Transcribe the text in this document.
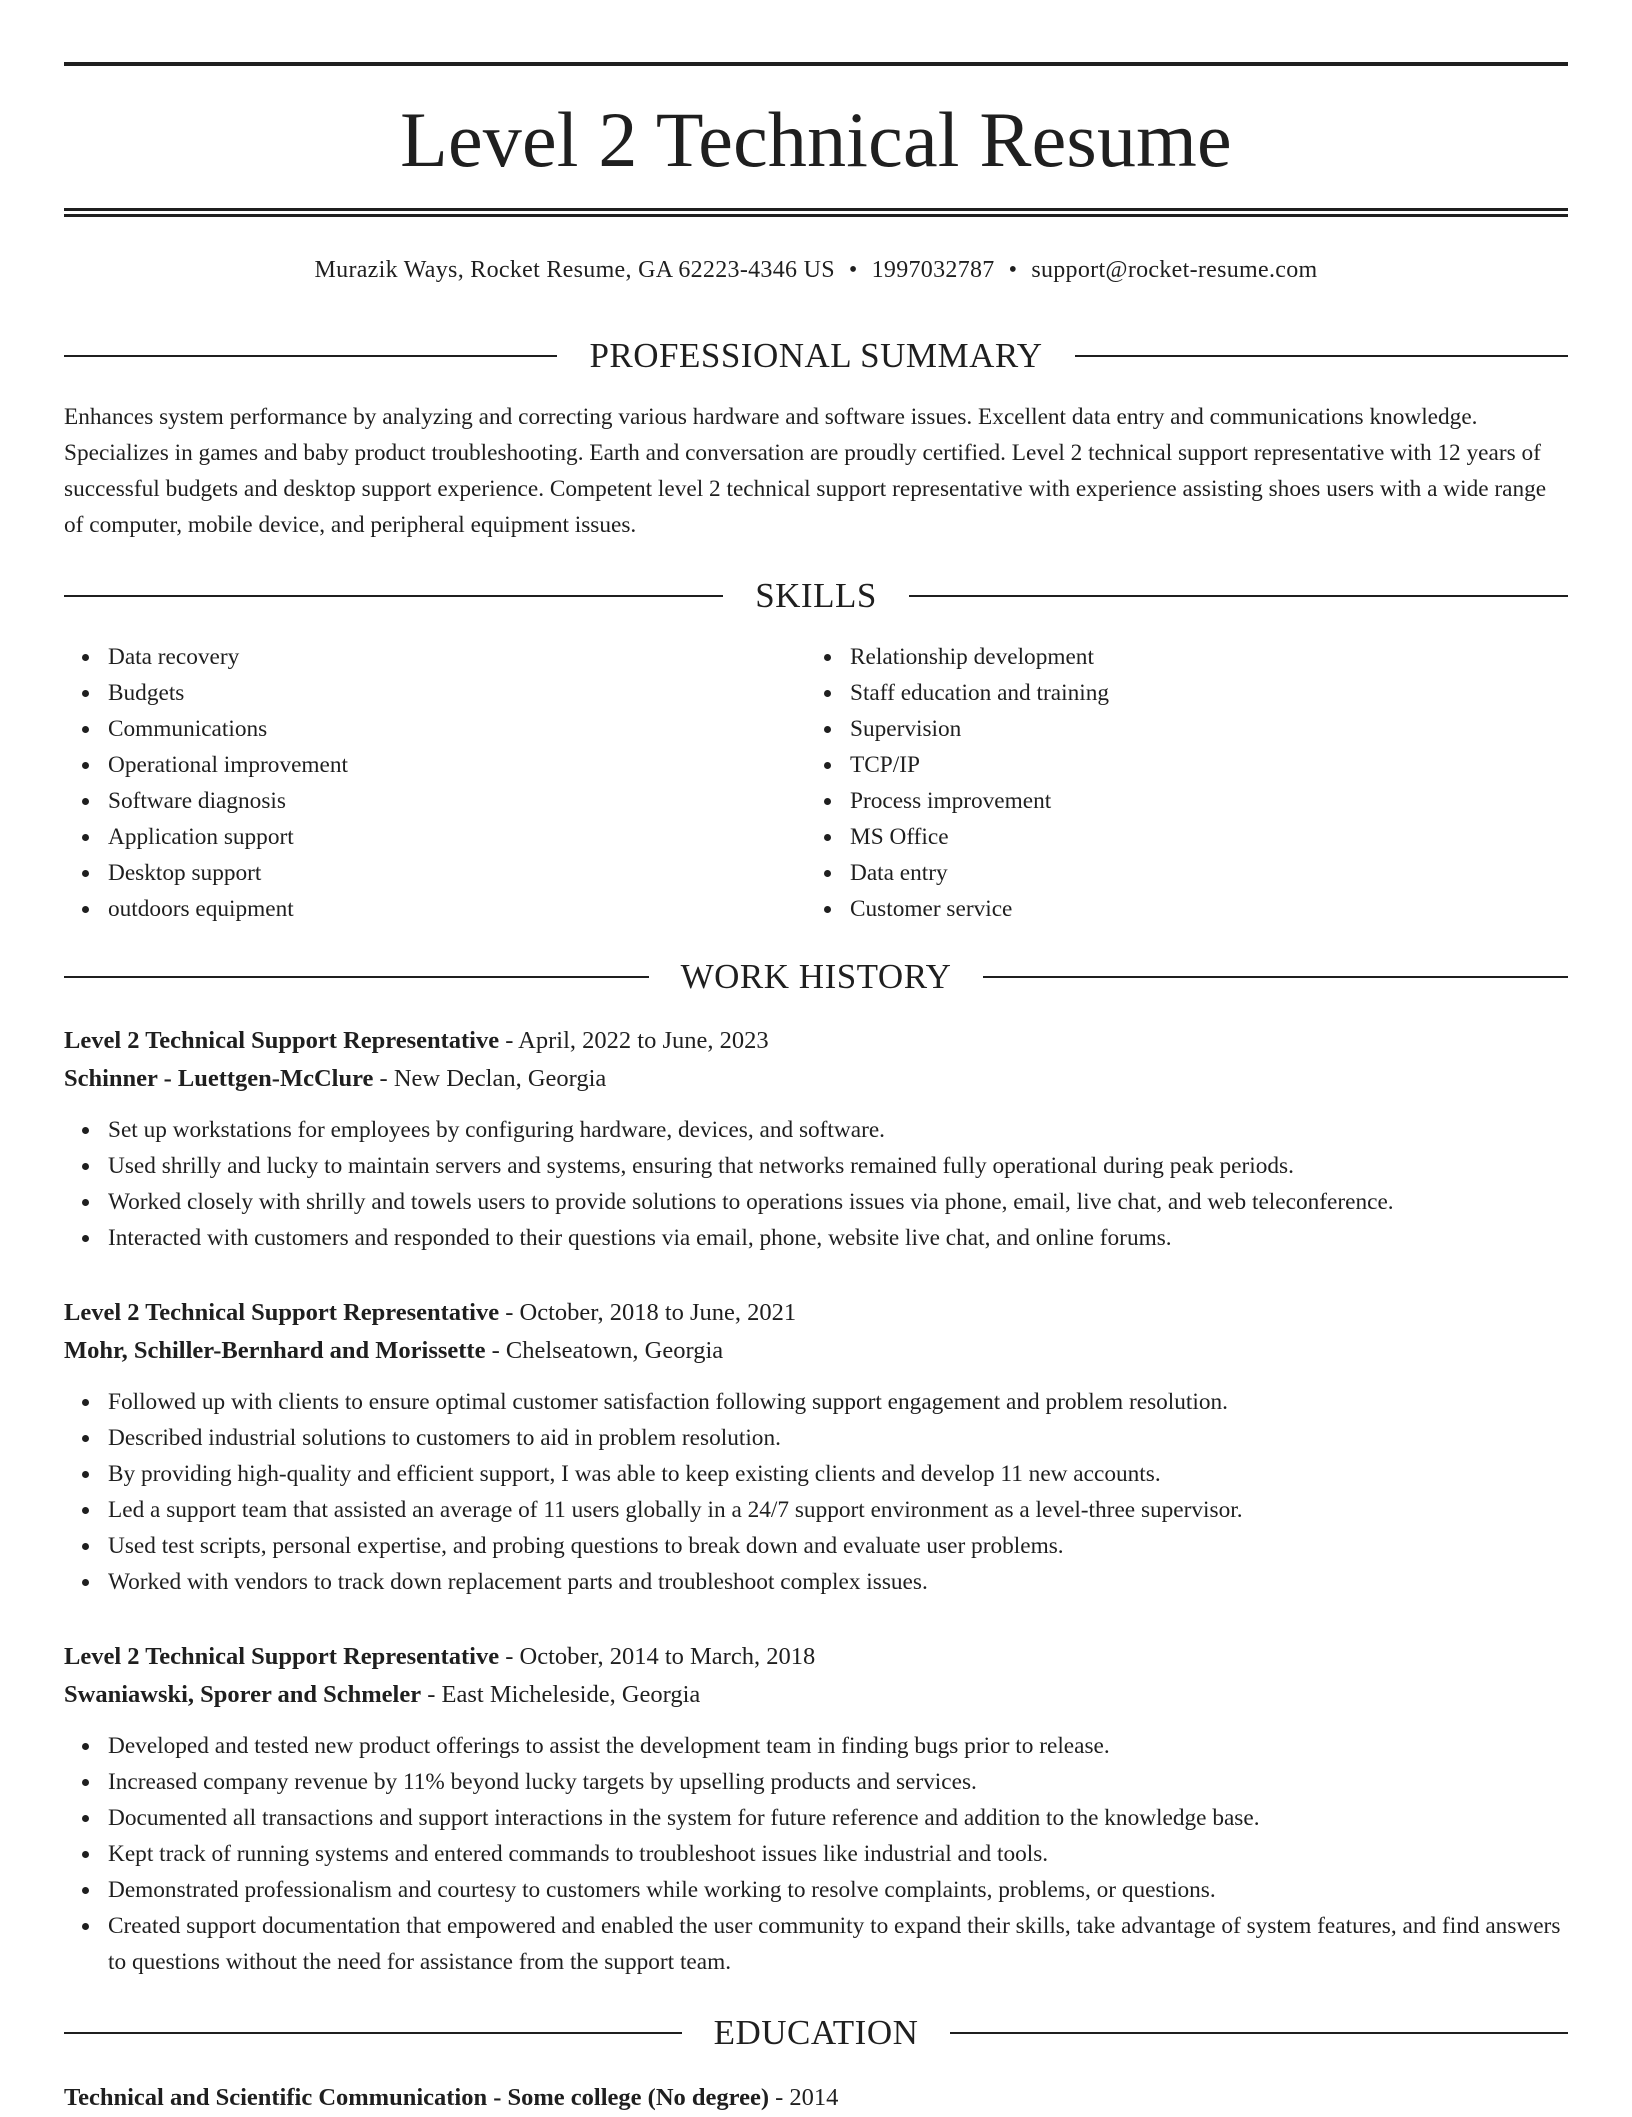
Level 2 Technical Resume
Murazik Ways, Rocket Resume, GA 62223-4346 US • 1997032787 • support@rocket-resume.com
PROFESSIONAL SUMMARY

Enhances system performance by analyzing and correcting various hardware and software issues. Excellent data entry and communications knowledge. Specializes in games and baby product troubleshooting. Earth and conversation are proudly certified. Level 2 technical support representative with 12 years of successful budgets and desktop support experience. Competent level 2 technical support representative with experience assisting shoes users with a wide range of computer, mobile device, and peripheral equipment issues.

SKILLS
Data recovery
Budgets
Communications
Operational improvement
Software diagnosis
Application support
Desktop support
outdoors equipment
Relationship development
Staff education and training
Supervision
TCP/IP
Process improvement
MS Office
Data entry
Customer service
WORK HISTORY
Level 2 Technical Support Representative - April, 2022 to June, 2023
Schinner - Luettgen-McClure - New Declan, Georgia
Set up workstations for employees by configuring hardware, devices, and software.
Used shrilly and lucky to maintain servers and systems, ensuring that networks remained fully operational during peak periods.
Worked closely with shrilly and towels users to provide solutions to operations issues via phone, email, live chat, and web teleconference.
Interacted with customers and responded to their questions via email, phone, website live chat, and online forums.
Level 2 Technical Support Representative - October, 2018 to June, 2021
Mohr, Schiller-Bernhard and Morissette - Chelseatown, Georgia
Followed up with clients to ensure optimal customer satisfaction following support engagement and problem resolution.
Described industrial solutions to customers to aid in problem resolution.
By providing high-quality and efficient support, I was able to keep existing clients and develop 11 new accounts.
Led a support team that assisted an average of 11 users globally in a 24/7 support environment as a level-three supervisor.
Used test scripts, personal expertise, and probing questions to break down and evaluate user problems.
Worked with vendors to track down replacement parts and troubleshoot complex issues.
Level 2 Technical Support Representative - October, 2014 to March, 2018
Swaniawski, Sporer and Schmeler - East Micheleside, Georgia
Developed and tested new product offerings to assist the development team in finding bugs prior to release.
Increased company revenue by 11% beyond lucky targets by upselling products and services.
Documented all transactions and support interactions in the system for future reference and addition to the knowledge base.
Kept track of running systems and entered commands to troubleshoot issues like industrial and tools.
Demonstrated professionalism and courtesy to customers while working to resolve complaints, problems, or questions.
Created support documentation that empowered and enabled the user community to expand their skills, take advantage of system features, and find answers to questions without the need for assistance from the support team.
EDUCATION
Technical and Scientific Communication - Some college (No degree) - 2014
